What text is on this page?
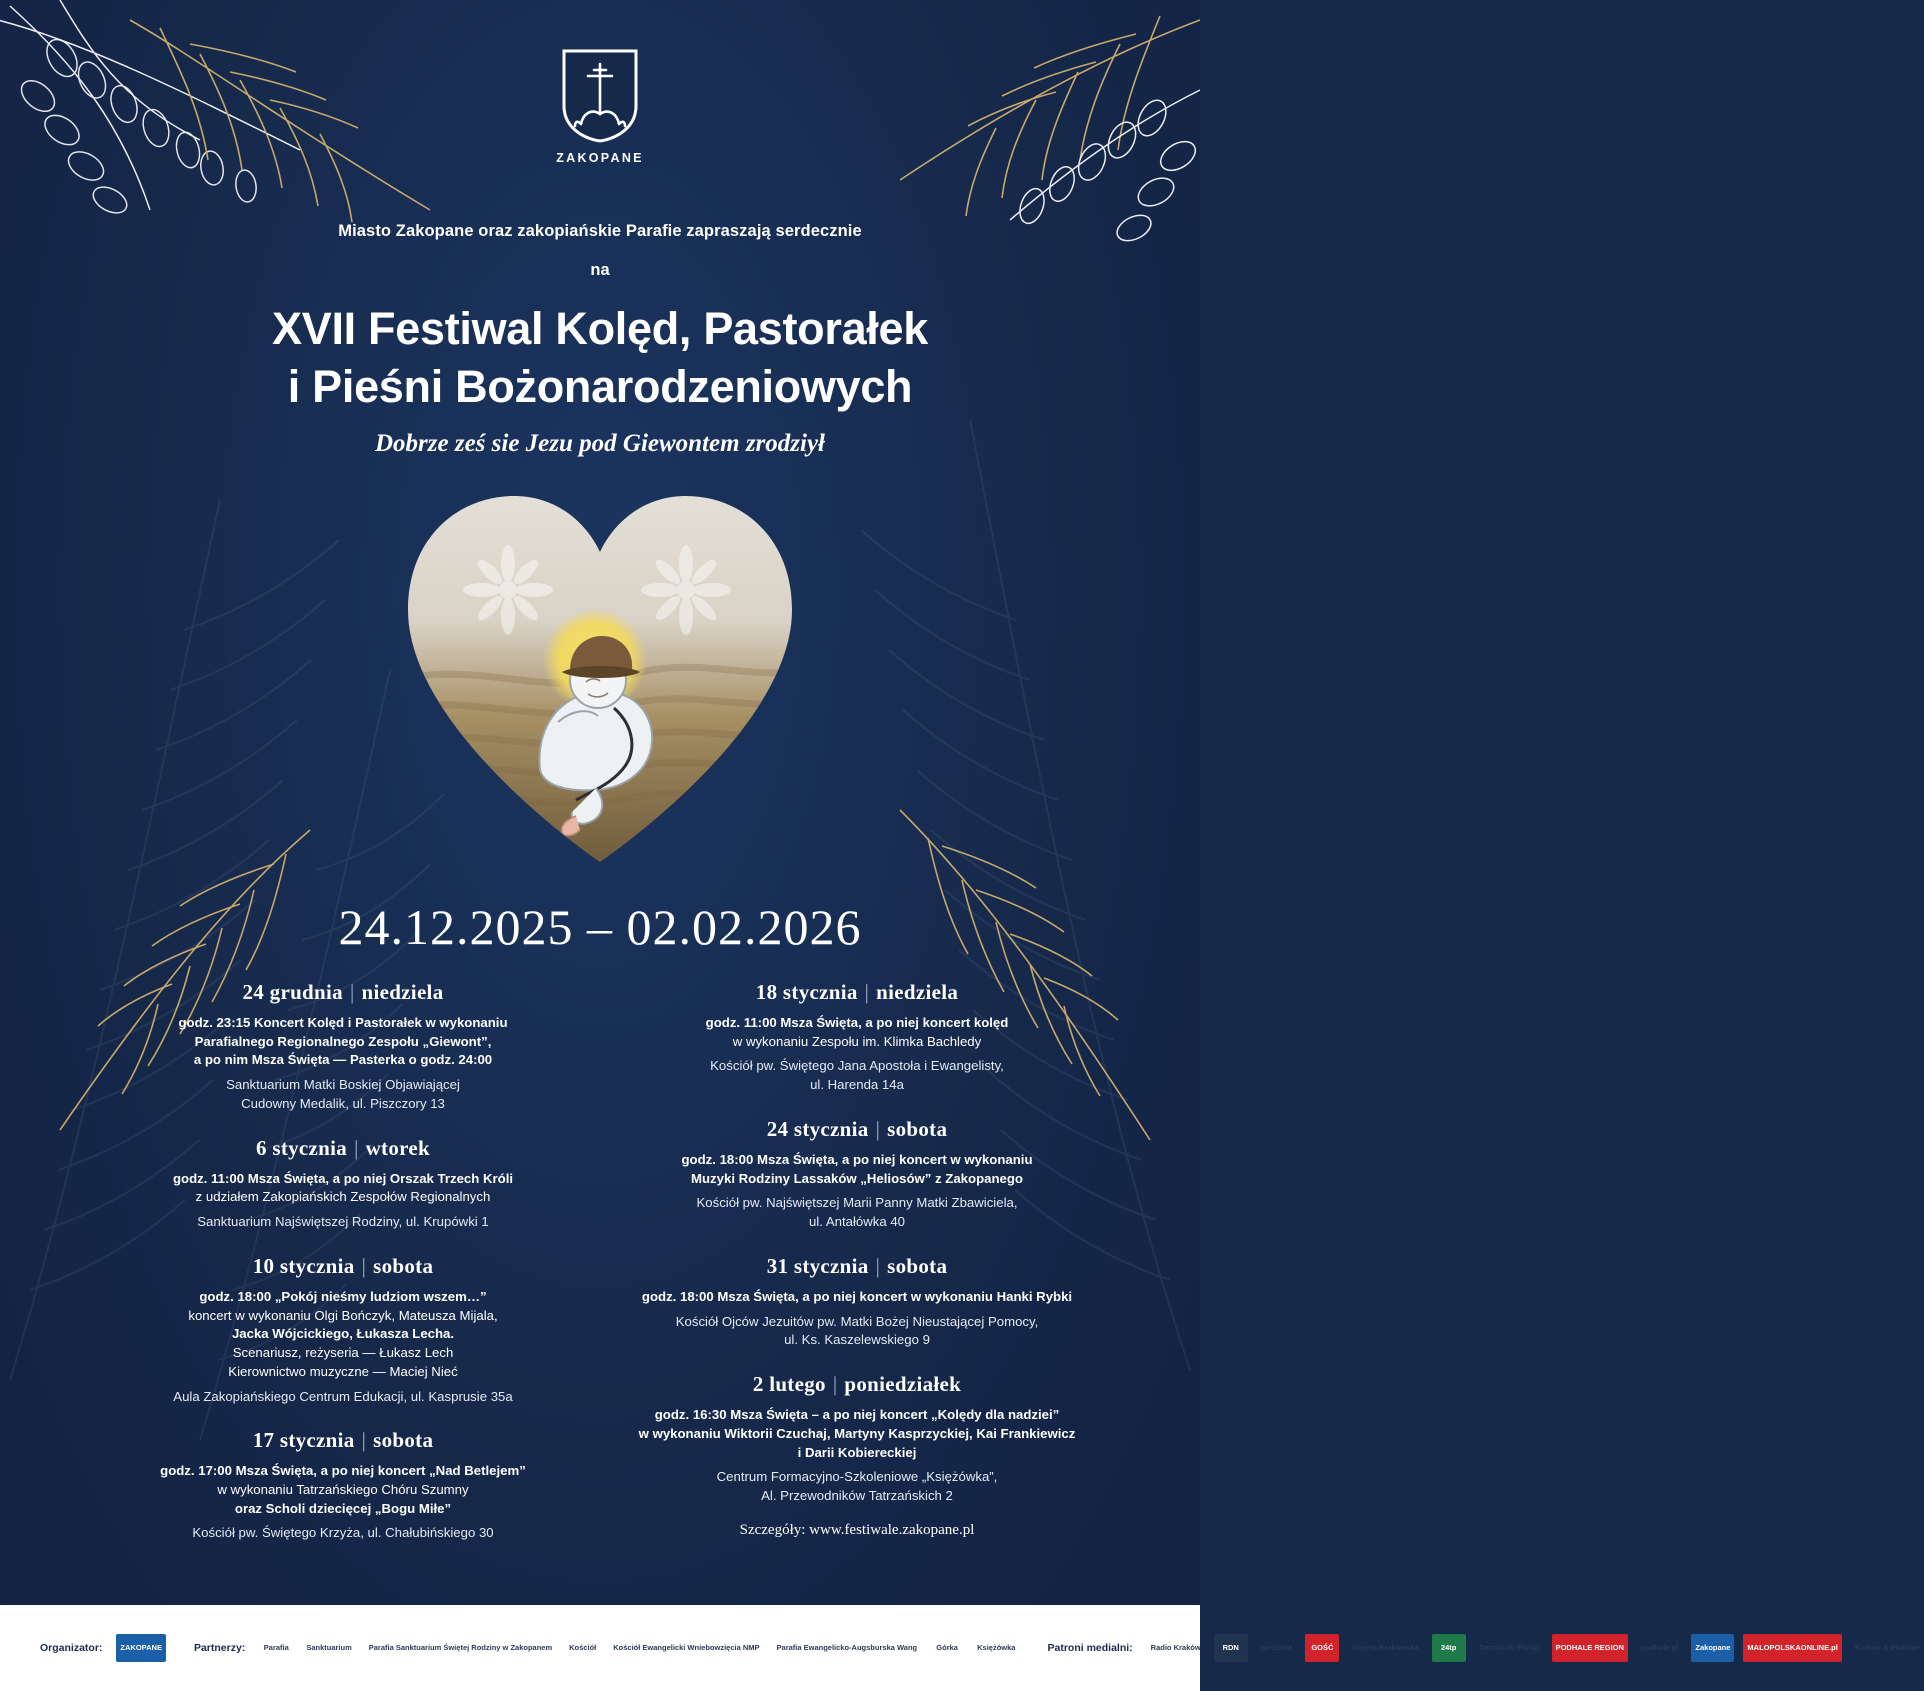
ZAKOPANE
Miasto Zakopane oraz zakopiańskie Parafie zapraszają serdecznie
na
XVII Festiwal Kolęd, Pastorałek
i Pieśni Bożonarodzeniowych
Dobrze ześ sie Jezu pod Giewontem zrodziył
24.12.2025 – 02.02.2026
24 grudnia | niedziela
godz. 23:15 Koncert Kolęd i Pastorałek w wykonaniu
Parafialnego Regionalnego Zespołu „Giewont”,
a po nim Msza Święta — Pasterka o godz. 24:00
Sanktuarium Matki Boskiej Objawiającej
Cudowny Medalik, ul. Piszczory 13
6 stycznia | wtorek
godz. 11:00 Msza Święta, a po niej Orszak Trzech Króli
z udziałem Zakopiańskich Zespołów Regionalnych
Sanktuarium Najświętszej Rodziny, ul. Krupówki 1
10 stycznia | sobota
godz. 18:00 „Pokój nieśmy ludziom wszem…”
koncert w wykonaniu Olgi Bończyk, Mateusza Mijala,
Jacka Wójcickiego, Łukasza Lecha.
Scenariusz, reżyseria — Łukasz Lech
Kierownictwo muzyczne — Maciej Nieć
Aula Zakopiańskiego Centrum Edukacji, ul. Kasprusie 35a
17 stycznia | sobota
godz. 17:00 Msza Święta, a po niej koncert „Nad Betlejem”
w wykonaniu Tatrzańskiego Chóru Szumny
oraz Scholi dziecięcej „Bogu Miłe”
Kościół pw. Świętego Krzyża, ul. Chałubińskiego 30
18 stycznia | niedziela
godz. 11:00 Msza Święta, a po niej koncert kolęd
w wykonaniu Zespołu im. Klimka Bachledy
Kościół pw. Świętego Jana Apostoła i Ewangelisty,
ul. Harenda 14a
24 stycznia | sobota
godz. 18:00 Msza Święta, a po niej koncert w wykonaniu
Muzyki Rodziny Lassaków „Heliosów” z Zakopanego
Kościół pw. Najświętszej Marii Panny Matki Zbawiciela,
ul. Antałówka 40
31 stycznia | sobota
godz. 18:00 Msza Święta, a po niej koncert w wykonaniu Hanki Rybki
Kościół Ojców Jezuitów pw. Matki Bożej Nieustającej Pomocy,
ul. Ks. Kaszelewskiego 9
2 lutego | poniedziałek
godz. 16:30 Msza Święta – a po niej koncert „Kolędy dla nadziei”
w wykonaniu Wiktorii Czuchaj, Martyny Kasprzyckiej, Kai Frankiewicz
i Darii Kobiereckiej
Centrum Formacyjno-Szkoleniowe „Księżówka”,
Al. Przewodników Tatrzańskich 2
Szczegóły: www.festiwale.zakopane.pl
Organizator:	ZAKOPANE	Partnerzy:	Parafia	Sanktuarium	Parafia Sanktuarium Świętej Rodziny w Zakopanem	Kościół	Kościół Ewangelicki Wniebowzięcia NMP	Parafia Ewangelicko-Augsburska Wang	Górka	Księżówka	Patroni medialni:	Radio Kraków	RDN	niedziela	GOŚĆ	Gazeta Krakowska	24tp	Tatrzański Portal	PODHALE REGION	podhale.pl	Zakopane	MALOPOLSKAONLINE.pl	Kultura & Podhale
